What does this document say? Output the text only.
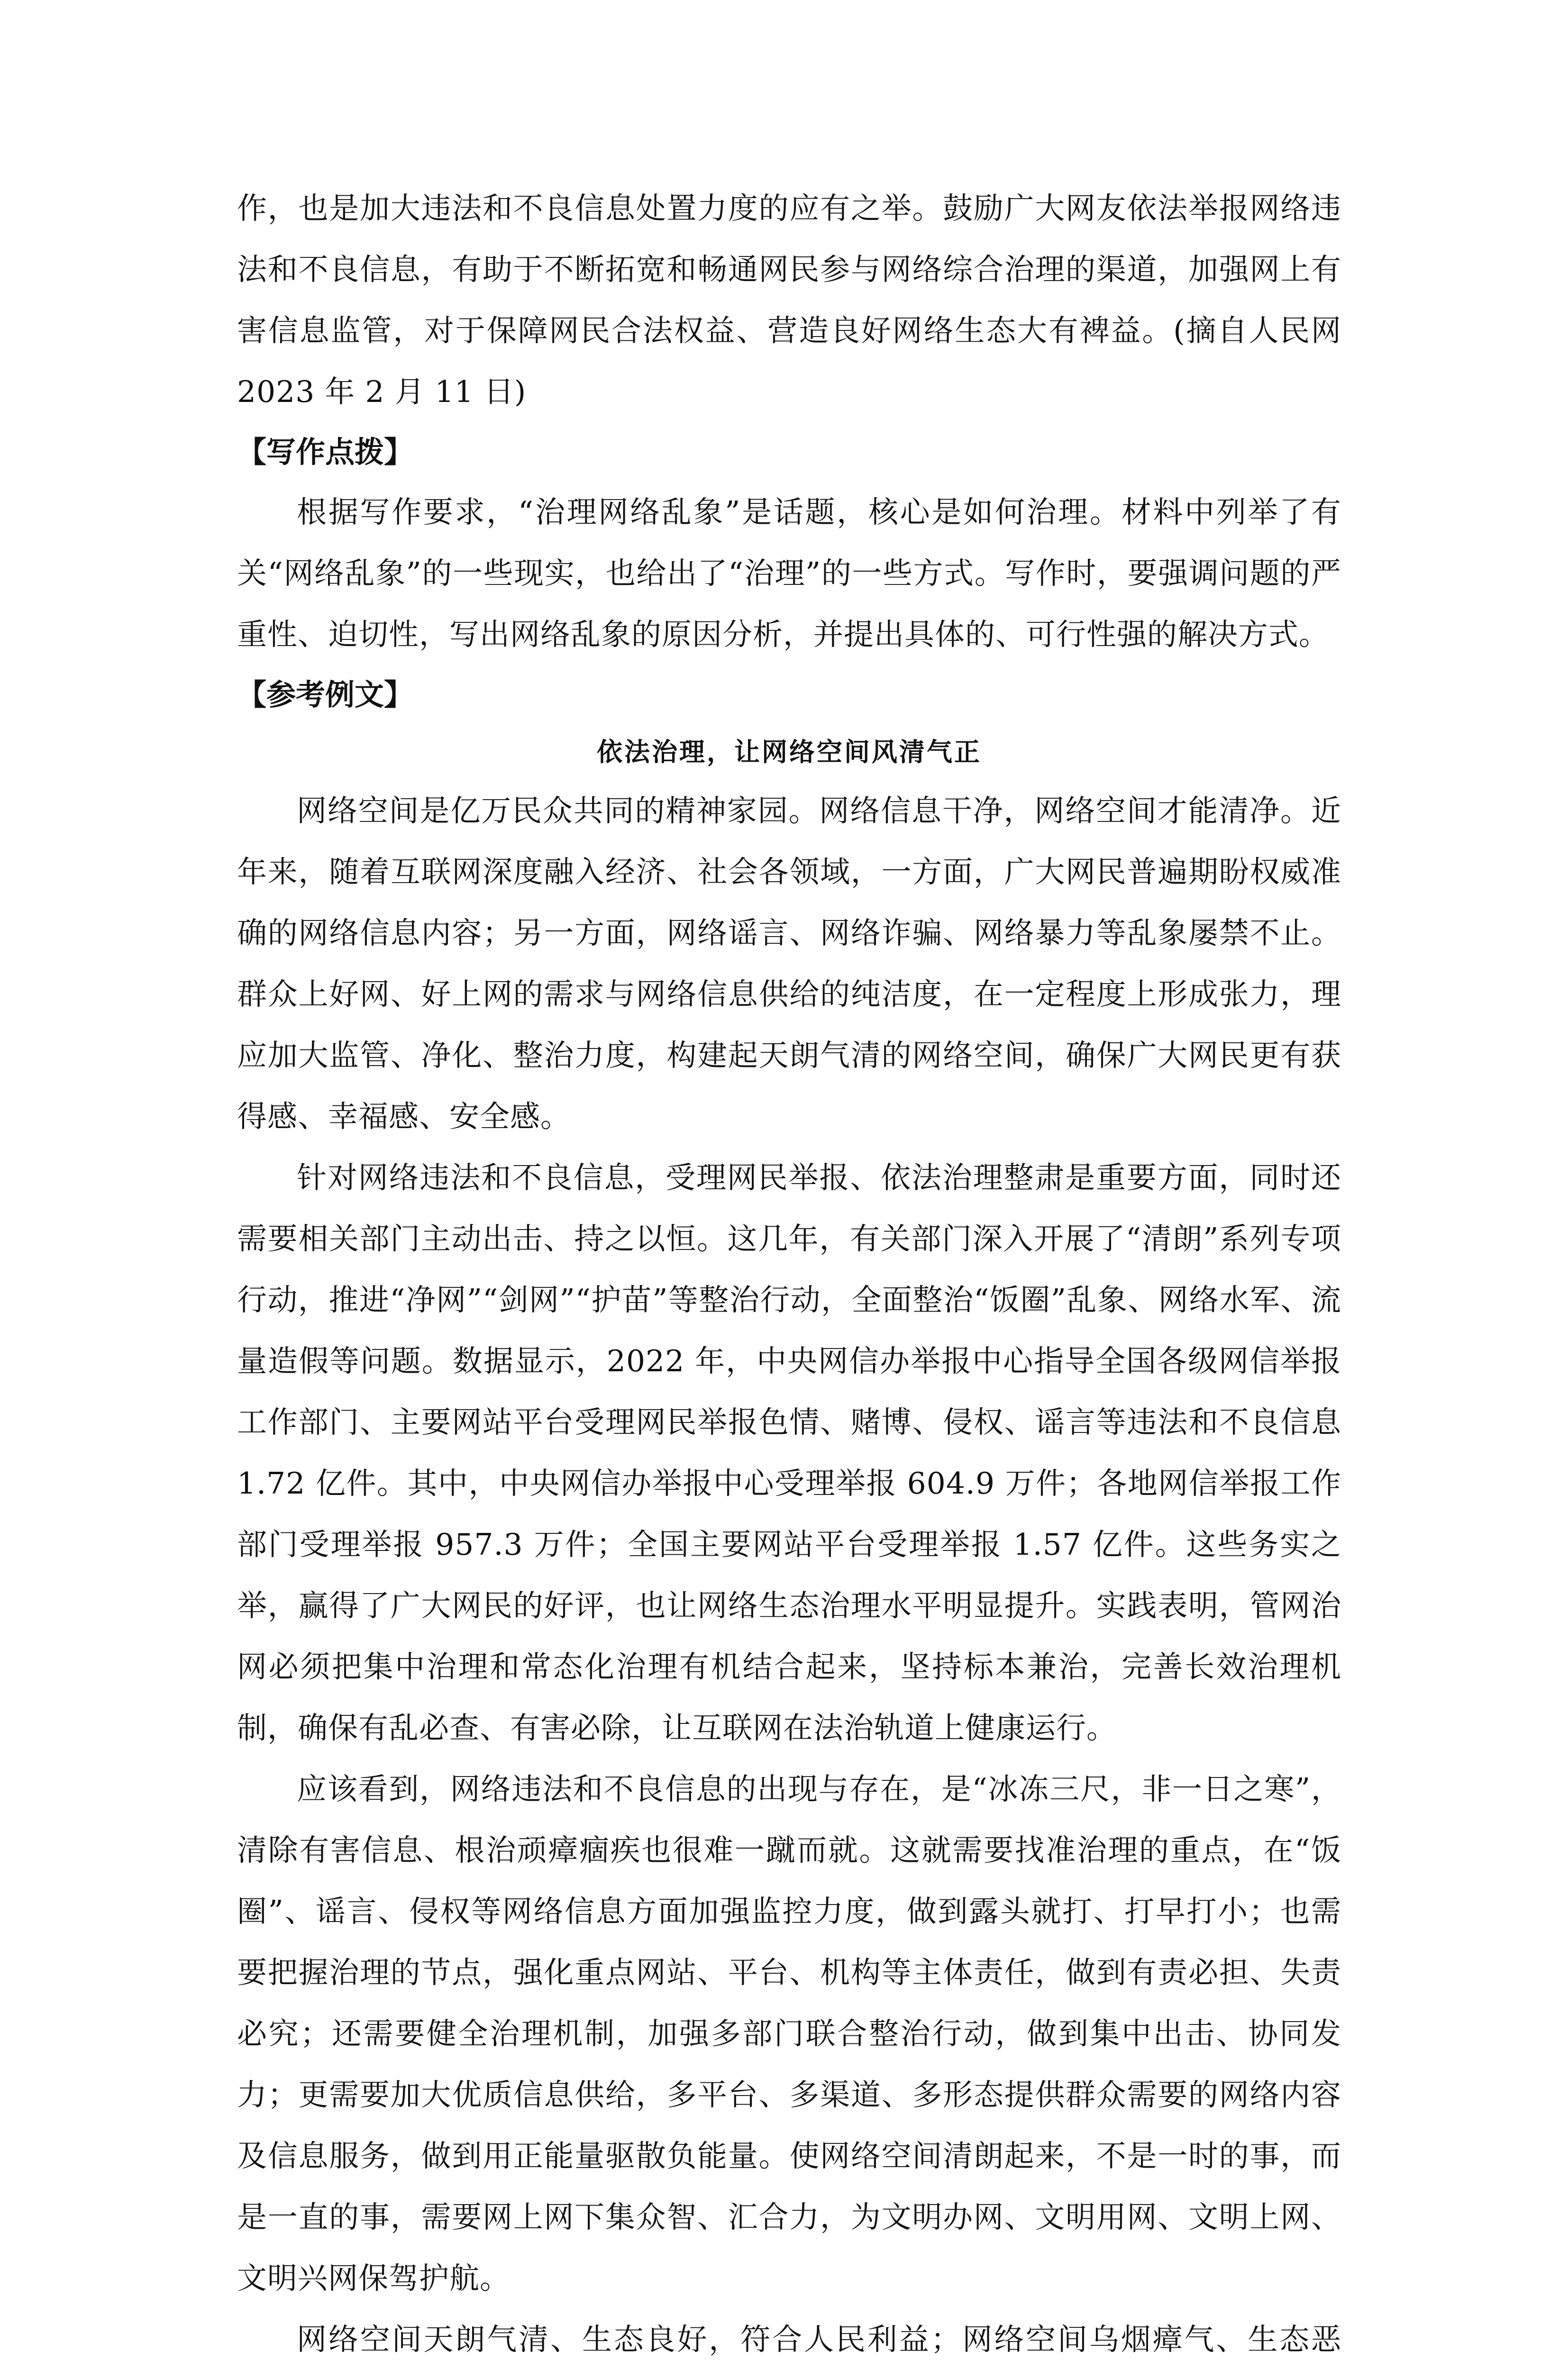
作，也是加大违法和不良信息处置力度的应有之举。鼓励广大网友依法举报网络违法和不良信息，有助于不断拓宽和畅通网民参与网络综合治理的渠道，加强网上有害信息监管，对于保障网民合法权益、营造良好网络生态大有裨益。(摘自人民网 2023 年 2 月 11 日)

【写作点拨】

根据写作要求，“治理网络乱象”是话题，核心是如何治理。材料中列举了有关“网络乱象”的一些现实，也给出了“治理”的一些方式。写作时，要强调问题的严重性、迫切性，写出网络乱象的原因分析，并提出具体的、可行性强的解决方式。

【参考例文】

依法治理，让网络空间风清气正

网络空间是亿万民众共同的精神家园。网络信息干净，网络空间才能清净。近年来，随着互联网深度融入经济、社会各领域，一方面，广大网民普遍期盼权威准确的网络信息内容；另一方面，网络谣言、网络诈骗、网络暴力等乱象屡禁不止。群众上好网、好上网的需求与网络信息供给的纯洁度，在一定程度上形成张力，理应加大监管、净化、整治力度，构建起天朗气清的网络空间，确保广大网民更有获得感、幸福感、安全感。

针对网络违法和不良信息，受理网民举报、依法治理整肃是重要方面，同时还需要相关部门主动出击、持之以恒。这几年，有关部门深入开展了“清朗”系列专项行动，推进“净网”“剑网”“护苗”等整治行动，全面整治“饭圈”乱象、网络水军、流量造假等问题。数据显示，2022 年，中央网信办举报中心指导全国各级网信举报工作部门、主要网站平台受理网民举报色情、赌博、侵权、谣言等违法和不良信息 1.72 亿件。其中，中央网信办举报中心受理举报 604.9 万件；各地网信举报工作部门受理举报 957.3 万件；全国主要网站平台受理举报 1.57 亿件。这些务实之举，赢得了广大网民的好评，也让网络生态治理水平明显提升。实践表明，管网治网必须把集中治理和常态化治理有机结合起来，坚持标本兼治，完善长效治理机制，确保有乱必查、有害必除，让互联网在法治轨道上健康运行。

应该看到，网络违法和不良信息的出现与存在，是“冰冻三尺，非一日之寒”，清除有害信息、根治顽瘴痼疾也很难一蹴而就。这就需要找准治理的重点，在“饭圈”、谣言、侵权等网络信息方面加强监控力度，做到露头就打、打早打小；也需要把握治理的节点，强化重点网站、平台、机构等主体责任，做到有责必担、失责必究；还需要健全治理机制，加强多部门联合整治行动，做到集中出击、协同发力；更需要加大优质信息供给，多平台、多渠道、多形态提供群众需要的网络内容及信息服务，做到用正能量驱散负能量。使网络空间清朗起来，不是一时的事，而是一直的事，需要网上网下集众智、汇合力，为文明办网、文明用网、文明上网、文明兴网保驾护航。

网络空间天朗气清、生态良好，符合人民利益；网络空间乌烟瘴气、生态恶
